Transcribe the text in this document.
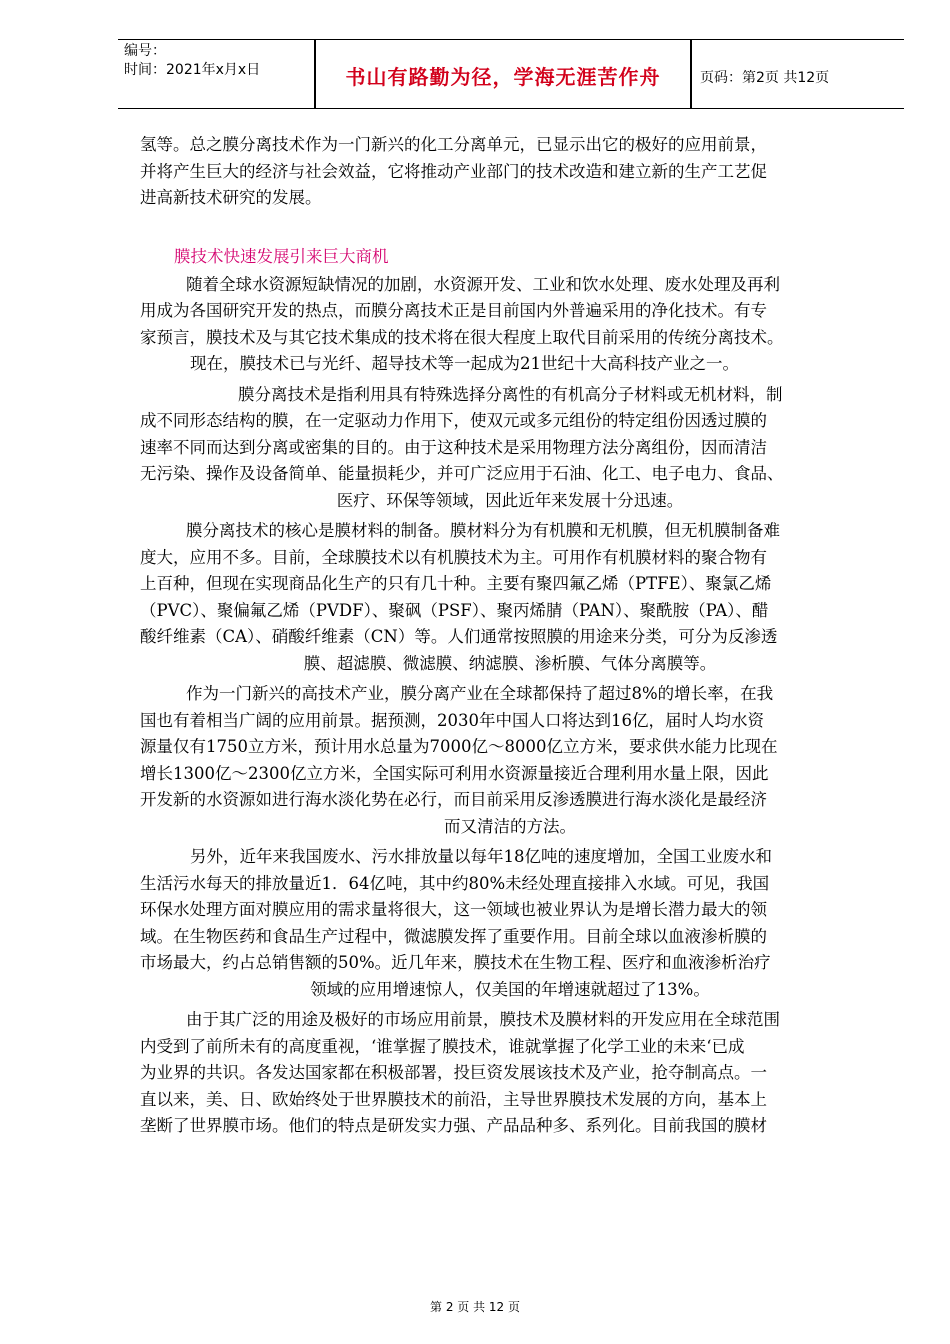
编号：
时间：2021年x月x日	书山有路勤为径，学海无涯苦作舟	页码：第2页 共12页

氢等。总之膜分离技术作为一门新兴的化工分离单元，已显示出它的极好的应用前景，

并将产生巨大的经济与社会效益，它将推动产业部门的技术改造和建立新的生产工艺促

进高新技术研究的发展。

膜技术快速发展引来巨大商机

随着全球水资源短缺情况的加剧，水资源开发、工业和饮水处理、废水处理及再利

用成为各国研究开发的热点，而膜分离技术正是目前国内外普遍采用的净化技术。有专

家预言，膜技术及与其它技术集成的技术将在很大程度上取代目前采用的传统分离技术。

现在，膜技术已与光纤、超导技术等一起成为21世纪十大高科技产业之一。

膜分离技术是指利用具有特殊选择分离性的有机高分子材料或无机材料，制

成不同形态结构的膜，在一定驱动力作用下，使双元或多元组份的特定组份因透过膜的

速率不同而达到分离或密集的目的。由于这种技术是采用物理方法分离组份，因而清洁

无污染、操作及设备简单、能量损耗少，并可广泛应用于石油、化工、电子电力、食品、

医疗、环保等领域，因此近年来发展十分迅速。

膜分离技术的核心是膜材料的制备。膜材料分为有机膜和无机膜，但无机膜制备难

度大，应用不多。目前，全球膜技术以有机膜技术为主。可用作有机膜材料的聚合物有

上百种，但现在实现商品化生产的只有几十种。主要有聚四氟乙烯（PTFE）、聚氯乙烯

（PVC）、聚偏氟乙烯（PVDF）、聚砜（PSF）、聚丙烯腈（PAN）、聚酰胺（PA）、醋

酸纤维素（CA）、硝酸纤维素（CN）等。人们通常按照膜的用途来分类，可分为反渗透

膜、超滤膜、微滤膜、纳滤膜、渗析膜、气体分离膜等。

作为一门新兴的高技术产业，膜分离产业在全球都保持了超过8%的增长率，在我

国也有着相当广阔的应用前景。据预测，2030年中国人口将达到16亿，届时人均水资

源量仅有1750立方米，预计用水总量为7000亿～8000亿立方米，要求供水能力比现在

增长1300亿～2300亿立方米，全国实际可利用水资源量接近合理利用水量上限，因此

开发新的水资源如进行海水淡化势在必行，而目前采用反渗透膜进行海水淡化是最经济

而又清洁的方法。

另外，近年来我国废水、污水排放量以每年18亿吨的速度增加，全国工业废水和

生活污水每天的排放量近1．64亿吨，其中约80%未经处理直接排入水域。可见，我国

环保水处理方面对膜应用的需求量将很大，这一领域也被业界认为是增长潜力最大的领

域。在生物医药和食品生产过程中，微滤膜发挥了重要作用。目前全球以血液渗析膜的

市场最大，约占总销售额的50%。近几年来，膜技术在生物工程、医疗和血液渗析治疗

领域的应用增速惊人，仅美国的年增速就超过了13%。

由于其广泛的用途及极好的市场应用前景，膜技术及膜材料的开发应用在全球范围

内受到了前所未有的高度重视，‘谁掌握了膜技术，谁就掌握了化学工业的未来‘已成

为业界的共识。各发达国家都在积极部署，投巨资发展该技术及产业，抢夺制高点。一

直以来，美、日、欧始终处于世界膜技术的前沿，主导世界膜技术发展的方向，基本上

垄断了世界膜市场。他们的特点是研发实力强、产品品种多、系列化。目前我国的膜材

第 2 页 共 12 页
